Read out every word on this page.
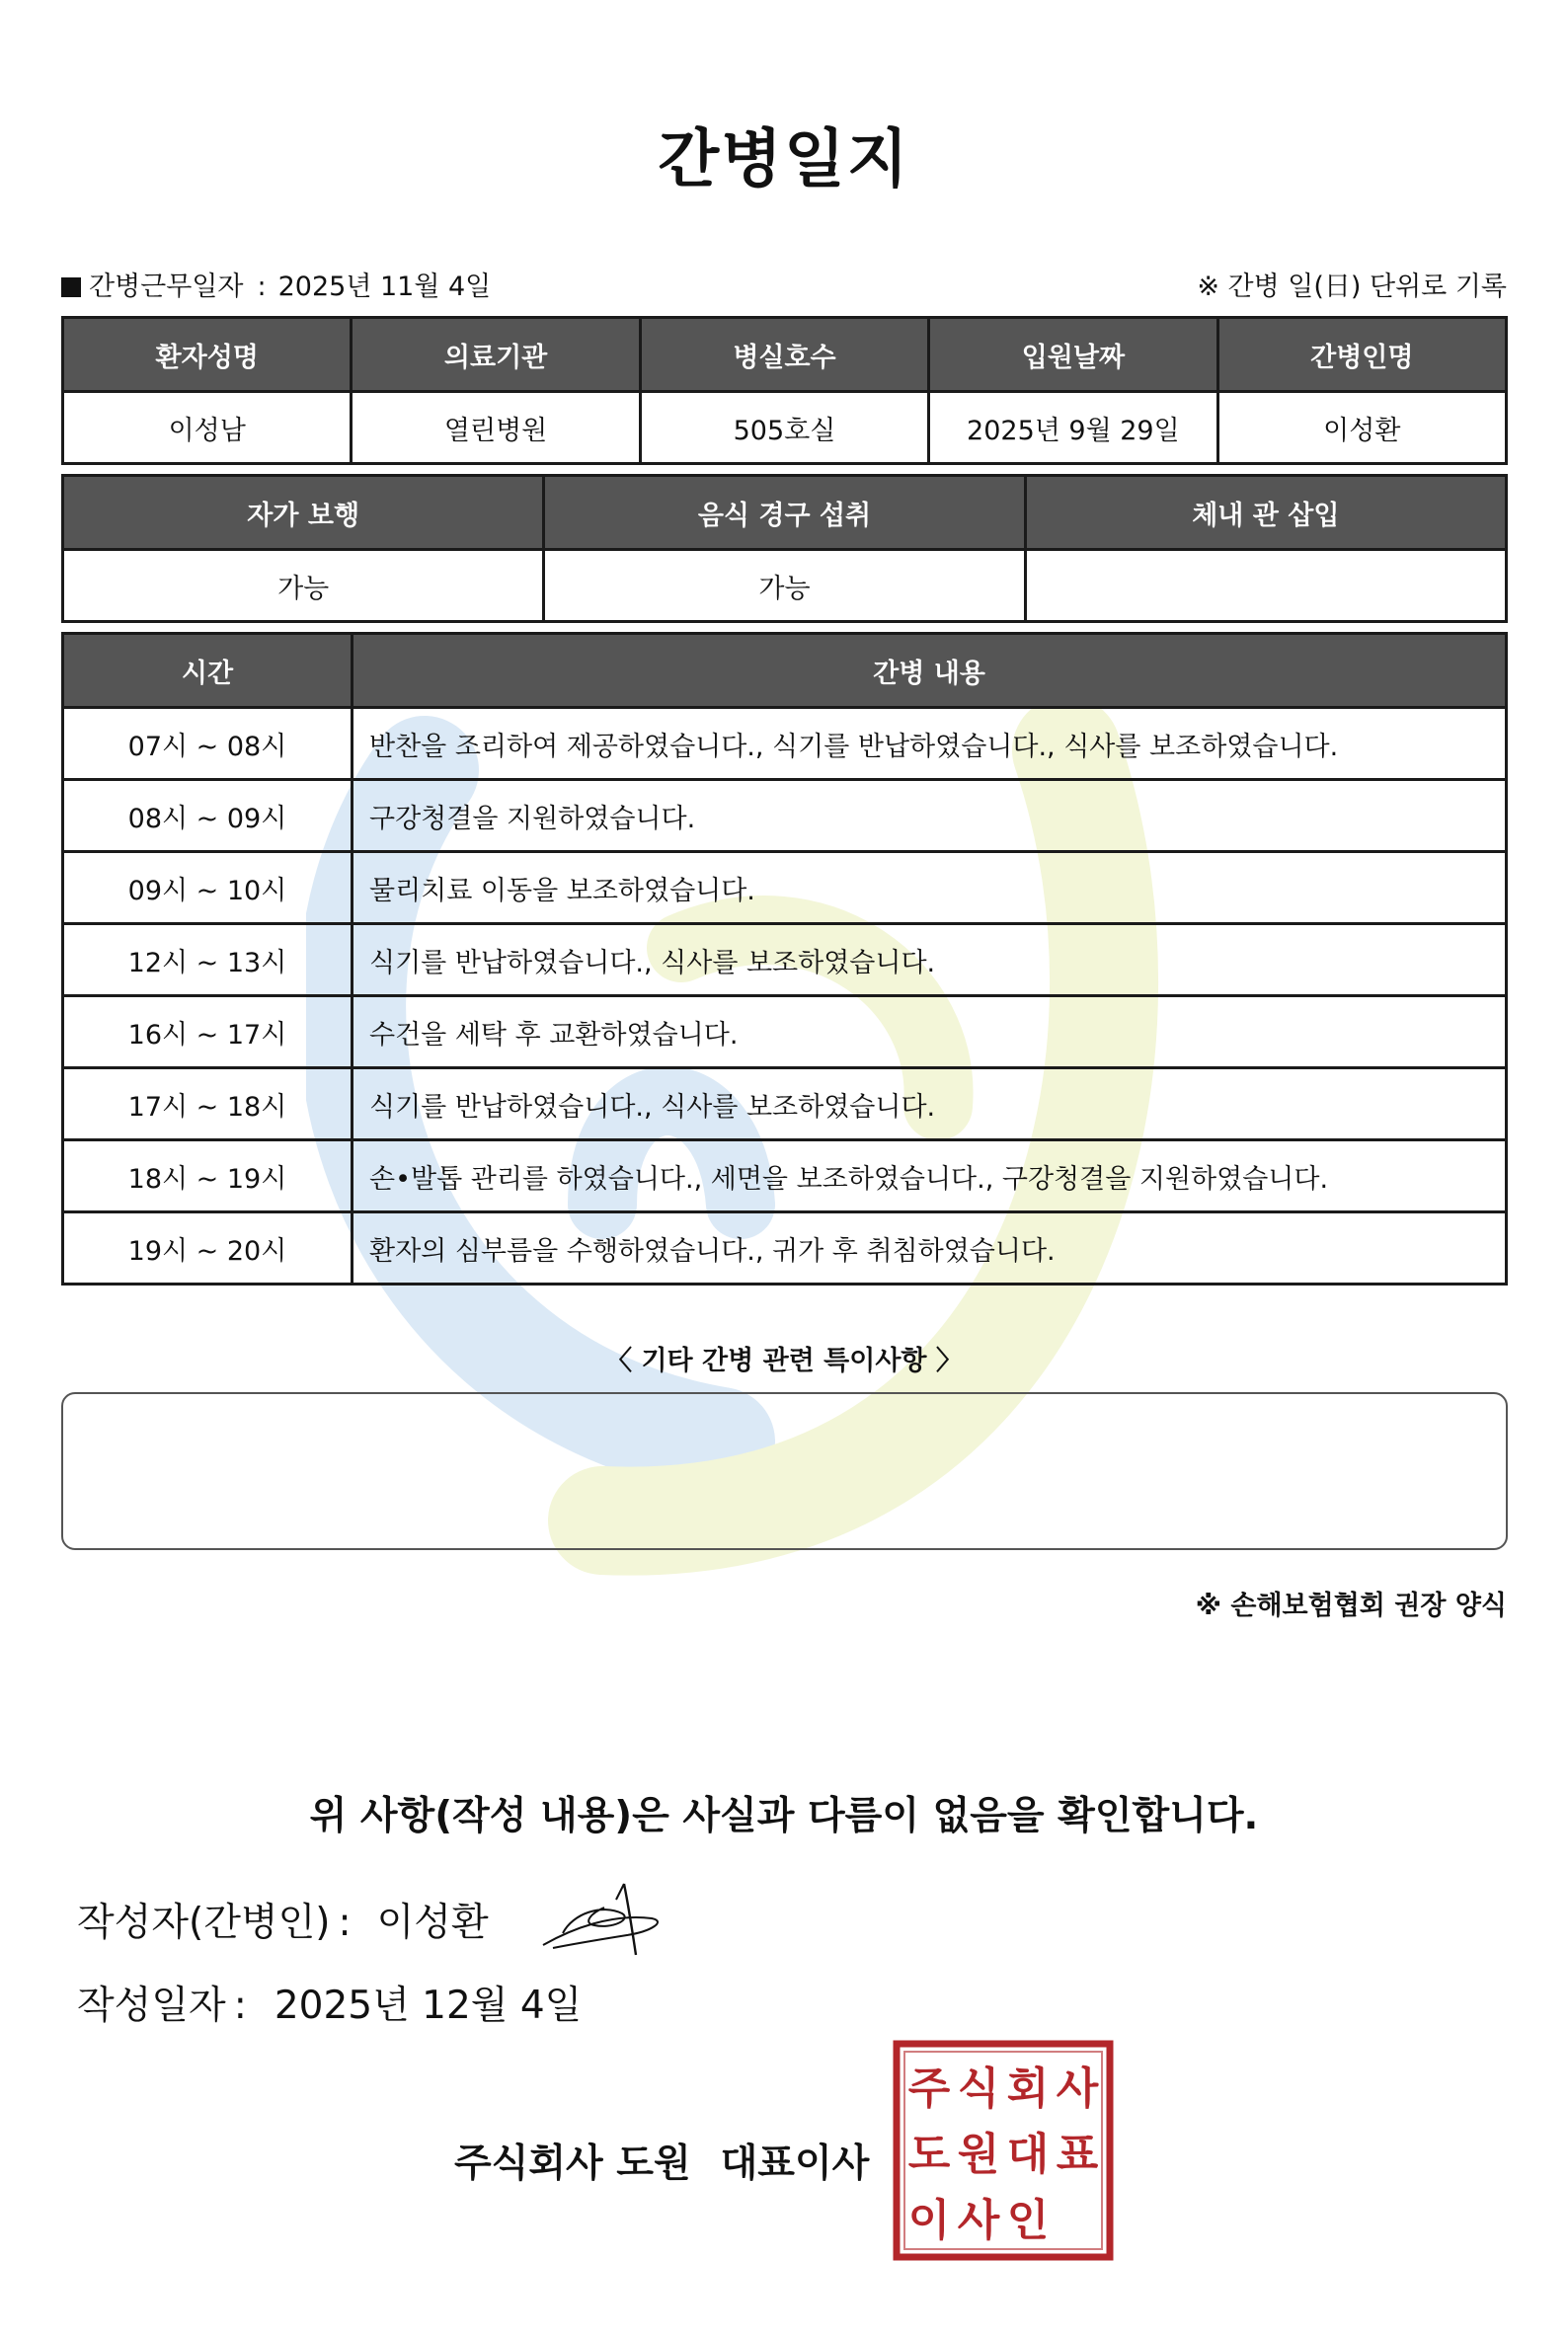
간병일지
간병근무일자 : 2025년 11월 4일	※ 간병 일(日) 단위로 기록
환자성명	의료기관	병실호수	입원날짜	간병인명
이성남	열린병원	505호실	2025년 9월 29일	이성환
자가 보행	음식 경구 섭취	체내 관 삽입
가능	가능	
시간	간병 내용
07시 ~ 08시	반찬을 조리하여 제공하였습니다., 식기를 반납하였습니다., 식사를 보조하였습니다.
08시 ~ 09시	구강청결을 지원하였습니다.
09시 ~ 10시	물리치료 이동을 보조하였습니다.
12시 ~ 13시	식기를 반납하였습니다., 식사를 보조하였습니다.
16시 ~ 17시	수건을 세탁 후 교환하였습니다.
17시 ~ 18시	식기를 반납하였습니다., 식사를 보조하였습니다.
18시 ~ 19시	손•발톱 관리를 하였습니다., 세면을 보조하였습니다., 구강청결을 지원하였습니다.
19시 ~ 20시	환자의 심부름을 수행하였습니다., 귀가 후 취침하였습니다.
〈 기타 간병 관련 특이사항 〉
※ 손해보험협회 권장 양식
위 사항(작성 내용)은 사실과 다름이 없음을 확인합니다.
작성자(간병인) : 이성환
작성일자 : 2025년 12월 4일
주식회사 도원 대표이사
주 식 회 사
도 원 대 표
이 사 인
